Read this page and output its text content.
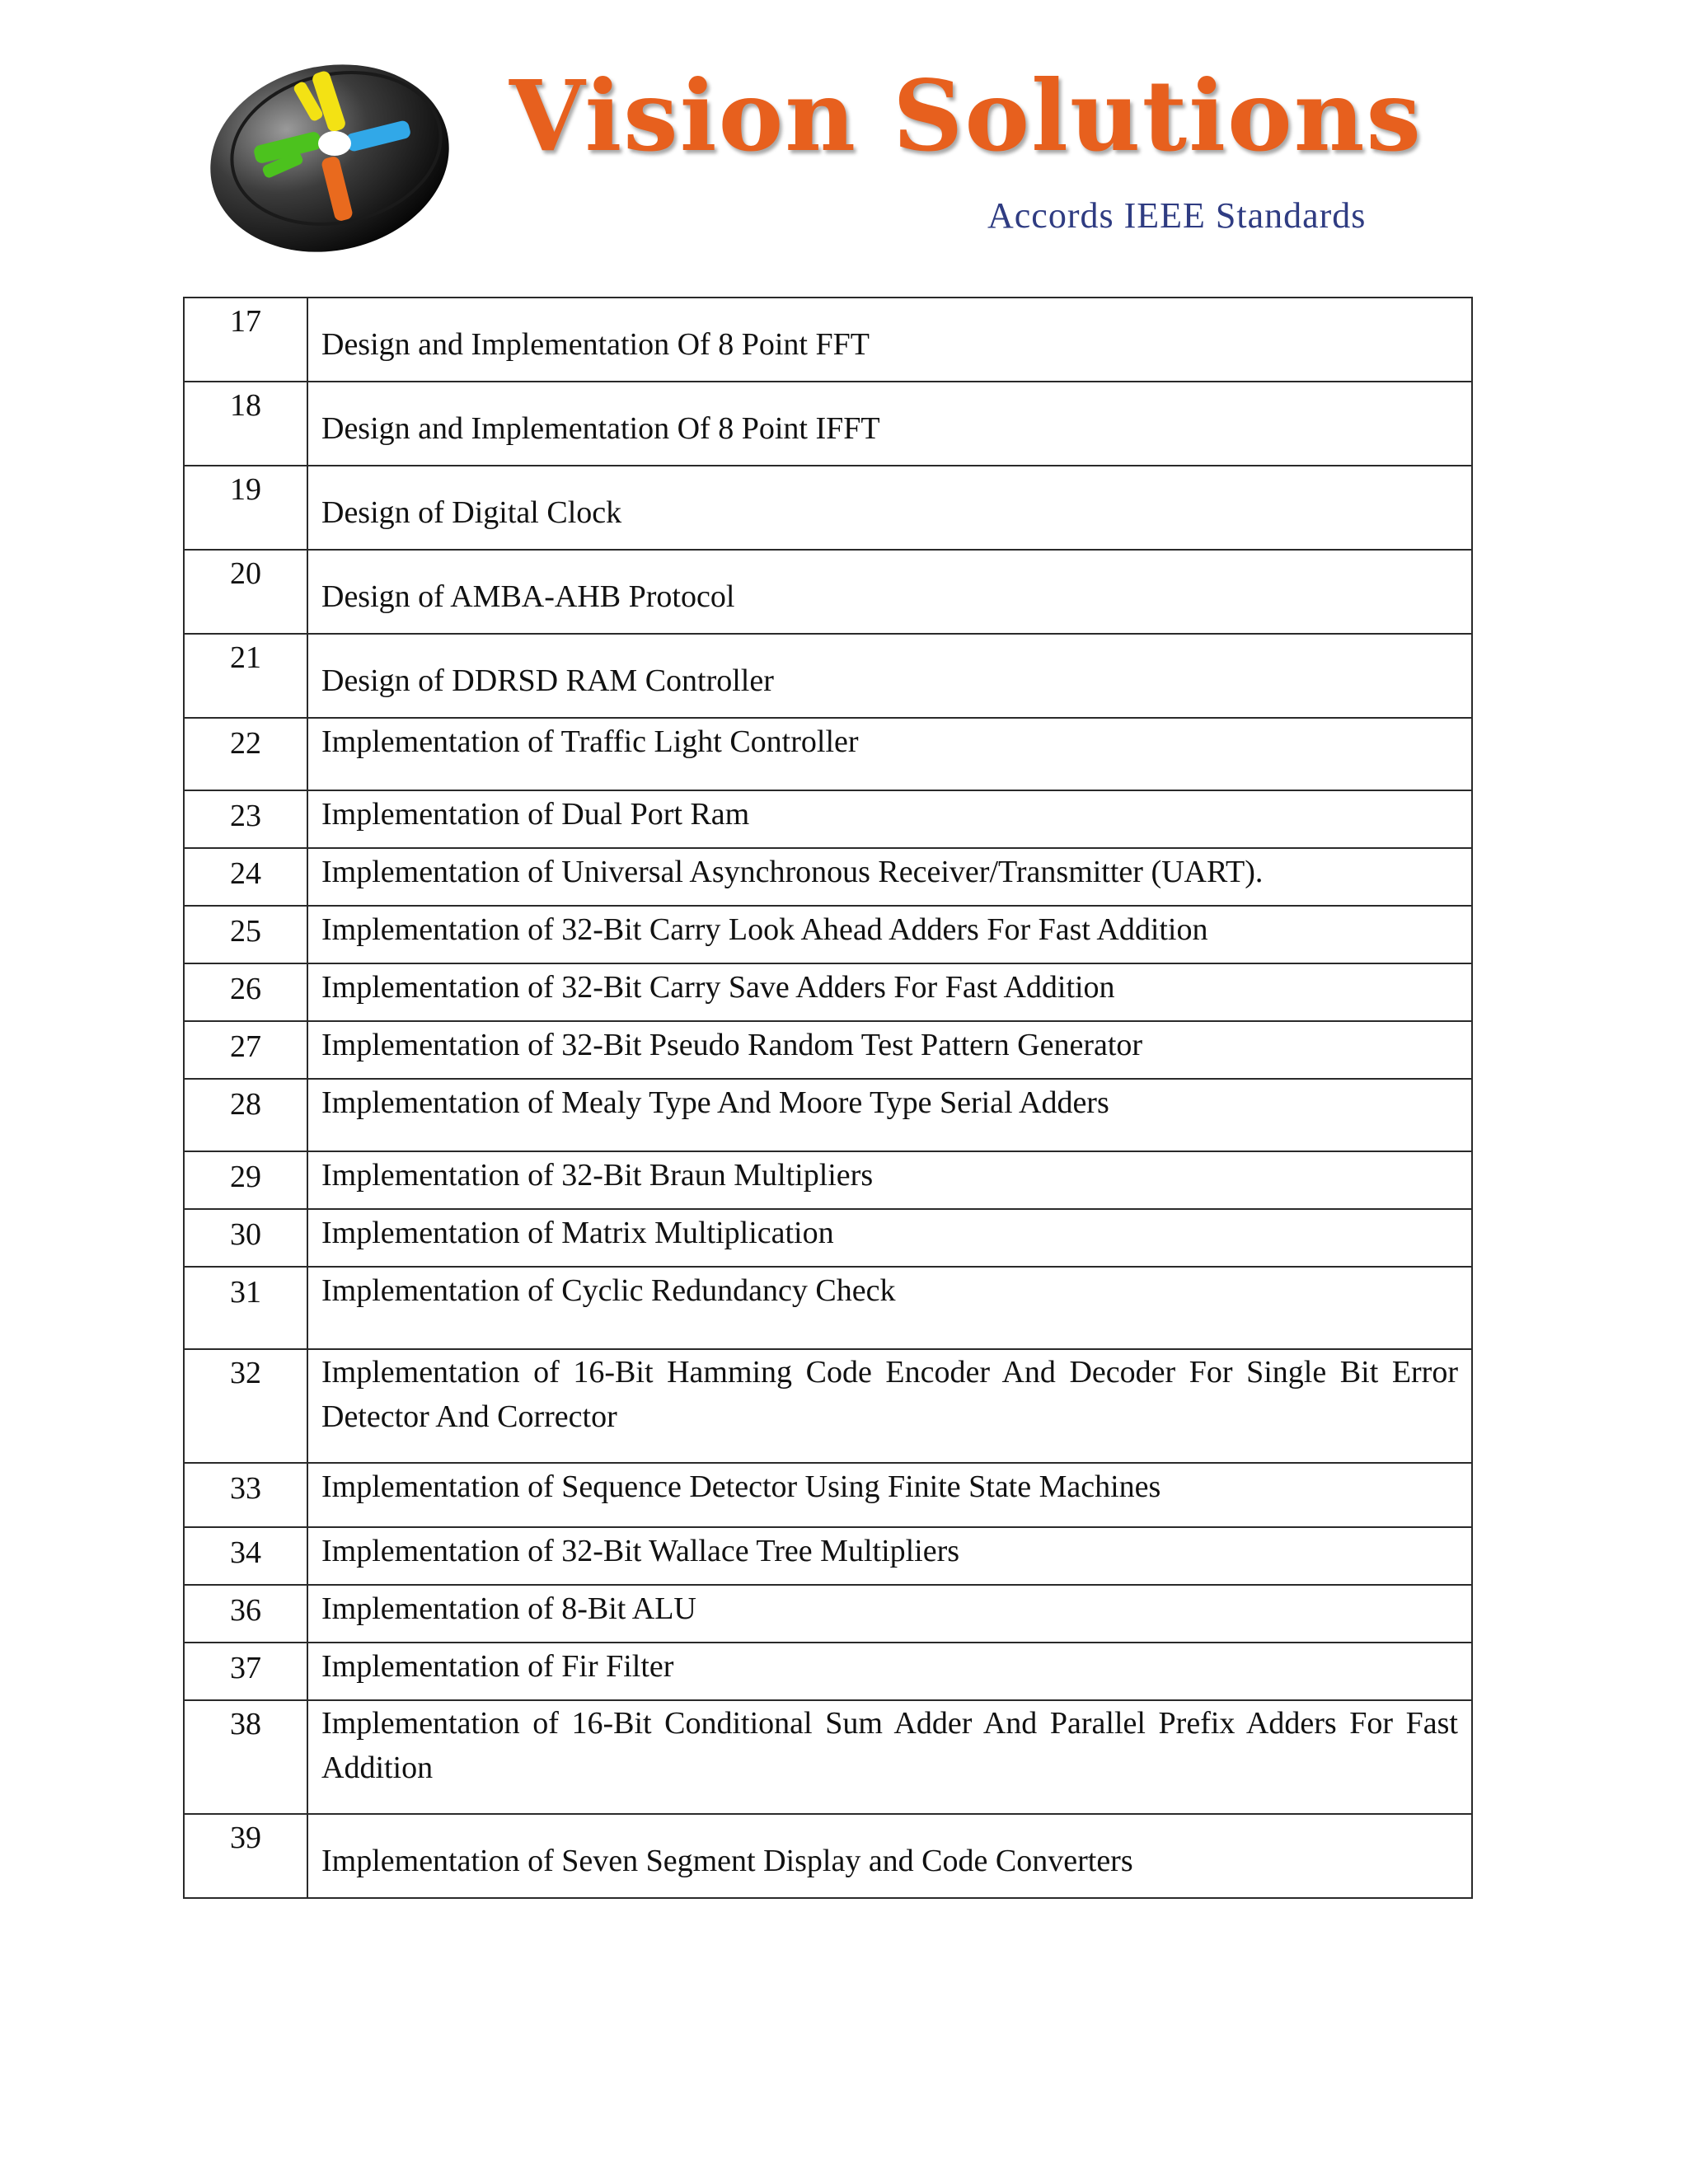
Vision Solutions
Accords IEEE Standards
17	Design and Implementation Of 8 Point FFT

18	Design and Implementation Of 8 Point IFFT

19	Design of Digital Clock

20	Design of AMBA-AHB Protocol

21	Design of DDRSD RAM Controller

22	Implementation of Traffic Light Controller

23	Implementation of Dual Port Ram

24	Implementation of Universal Asynchronous Receiver/Transmitter (UART).

25	Implementation of 32-Bit Carry Look Ahead Adders For Fast Addition

26	Implementation of 32-Bit Carry Save Adders For Fast Addition

27	Implementation of 32-Bit Pseudo Random Test Pattern Generator

28	Implementation of Mealy Type And Moore Type Serial Adders

29	Implementation of 32-Bit Braun Multipliers

30	Implementation of Matrix Multiplication

31	Implementation of Cyclic Redundancy Check

32	Implementation of 16-Bit Hamming Code Encoder And Decoder For Single Bit Error Detector And Corrector

33	Implementation of Sequence Detector Using Finite State Machines

34	Implementation of 32-Bit Wallace Tree Multipliers

36	Implementation of 8-Bit ALU

37	Implementation of Fir Filter

38	Implementation of 16-Bit Conditional Sum Adder And Parallel Prefix Adders For Fast Addition

39	Implementation of Seven Segment Display and Code Converters
